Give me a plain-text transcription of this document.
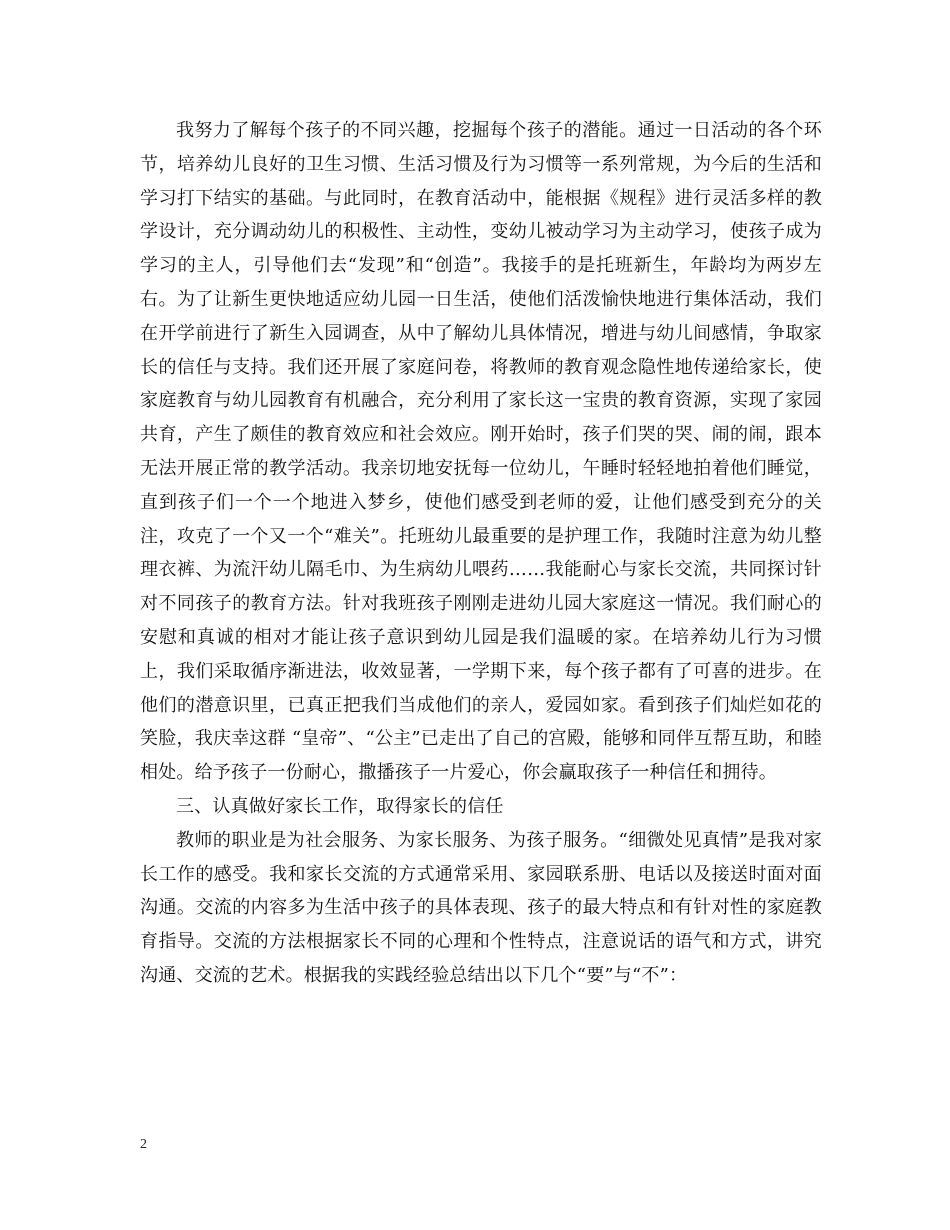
我努力了解每个孩子的不同兴趣，挖掘每个孩子的潜能。通过一日活动的各个环节，培养幼儿良好的卫生习惯、生活习惯及行为习惯等一系列常规，为今后的生活和学习打下结实的基础。与此同时，在教育活动中，能根据《规程》进行灵活多样的教学设计，充分调动幼儿的积极性、主动性，变幼儿被动学习为主动学习，使孩子成为学习的主人，引导他们去“发现”和“创造”。我接手的是托班新生，年龄均为两岁左右。为了让新生更快地适应幼儿园一日生活，使他们活泼愉快地进行集体活动，我们在开学前进行了新生入园调查，从中了解幼儿具体情况，增进与幼儿间感情，争取家长的信任与支持。我们还开展了家庭问卷，将教师的教育观念隐性地传递给家长，使家庭教育与幼儿园教育有机融合，充分利用了家长这一宝贵的教育资源，实现了家园共育，产生了颇佳的教育效应和社会效应。刚开始时，孩子们哭的哭、闹的闹，跟本无法开展正常的教学活动。我亲切地安抚每一位幼儿，午睡时轻轻地拍着他们睡觉，直到孩子们一个一个地进入梦乡，使他们感受到老师的爱，让他们感受到充分的关注，攻克了一个又一个“难关”。托班幼儿最重要的是护理工作，我随时注意为幼儿整理衣裤、为流汗幼儿隔毛巾、为生病幼儿喂药……我能耐心与家长交流，共同探讨针对不同孩子的教育方法。针对我班孩子刚刚走进幼儿园大家庭这一情况。我们耐心的安慰和真诚的相对才能让孩子意识到幼儿园是我们温暖的家。在培养幼儿行为习惯上，我们采取循序渐进法，收效显著，一学期下来，每个孩子都有了可喜的进步。在他们的潜意识里，已真正把我们当成他们的亲人，爱园如家。看到孩子们灿烂如花的笑脸，我庆幸这群 “皇帝”、“公主”已走出了自己的宫殿，能够和同伴互帮互助，和睦相处。给予孩子一份耐心，撒播孩子一片爱心，你会赢取孩子一种信任和拥待。

三、认真做好家长工作，取得家长的信任

教师的职业是为社会服务、为家长服务、为孩子服务。“细微处见真情”是我对家长工作的感受。我和家长交流的方式通常采用、家园联系册、电话以及接送时面对面沟通。交流的内容多为生活中孩子的具体表现、孩子的最大特点和有针对性的家庭教育指导。交流的方法根据家长不同的心理和个性特点，注意说话的语气和方式，讲究沟通、交流的艺术。根据我的实践经验总结出以下几个“要”与“不”：

2
